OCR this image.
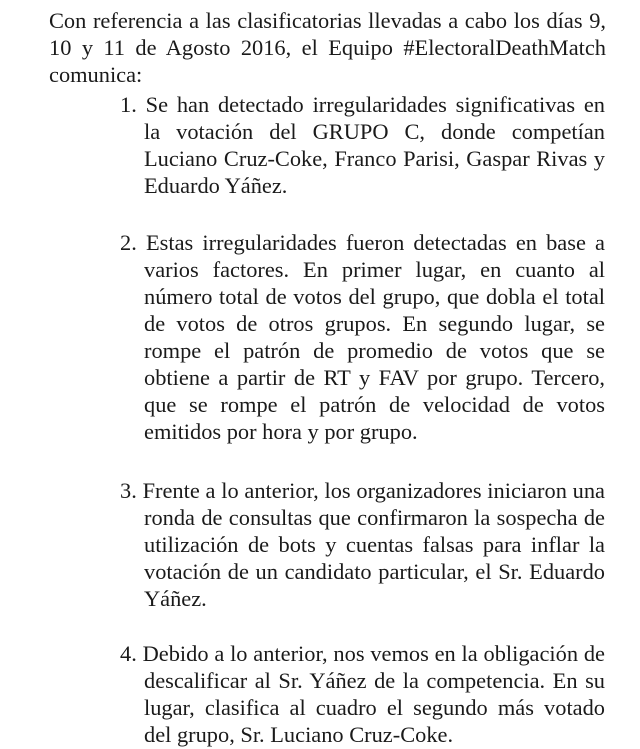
Con referencia a las clasificatorias llevadas a cabo los días 9, 10 y 11 de Agosto 2016, el Equipo #ElectoralDeathMatch comunica:

1. Se han detectado irregularidades significativas en la votación del GRUPO C, donde competían Luciano Cruz-Coke, Franco Parisi, Gaspar Rivas y Eduardo Yáñez.

2. Estas irregularidades fueron detectadas en base a varios factores. En primer lugar, en cuanto al número total de votos del grupo, que dobla el total de votos de otros grupos. En segundo lugar, se rompe el patrón de promedio de votos que se obtiene a partir de RT y FAV por grupo. Tercero, que se rompe el patrón de velocidad de votos emitidos por hora y por grupo.

3. Frente a lo anterior, los organizadores iniciaron una ronda de consultas que confirmaron la sospecha de utilización de bots y cuentas falsas para inflar la votación de un candidato particular, el Sr. Eduardo Yáñez.

4. Debido a lo anterior, nos vemos en la obligación de descalificar al Sr. Yáñez de la competencia. En su lugar, clasifica al cuadro el segundo más votado del grupo, Sr. Luciano Cruz-Coke.
